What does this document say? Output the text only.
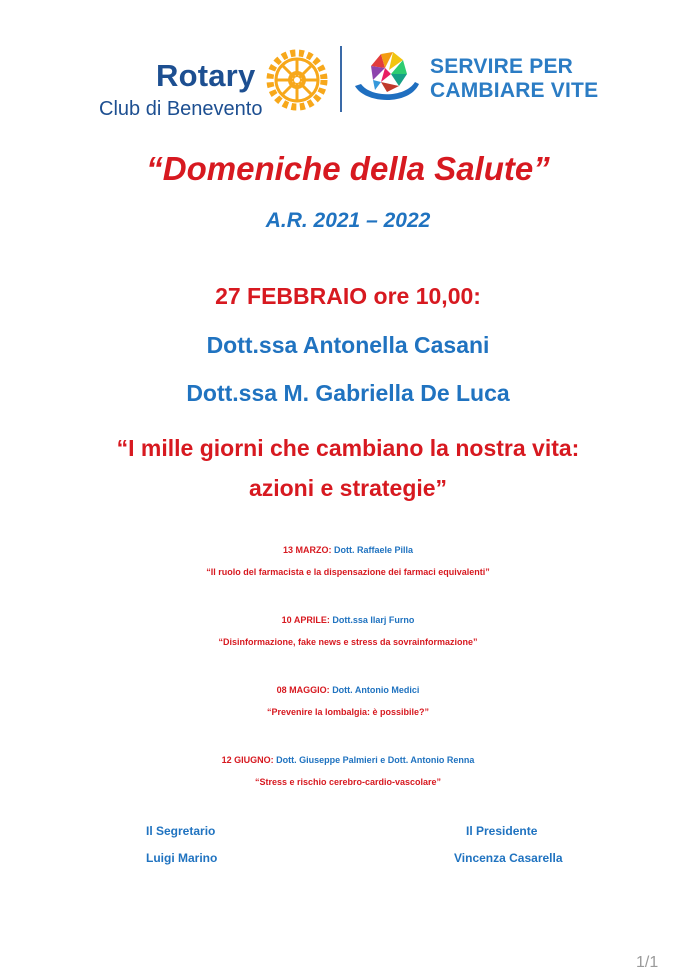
Rotary
Club di Benevento
SERVIRE PER
CAMBIARE VITE
“Domeniche della Salute”
A.R. 2021 – 2022
27 FEBBRAIO ore 10,00:
Dott.ssa Antonella Casani
Dott.ssa M. Gabriella De Luca
“I mille giorni che cambiano la nostra vita:
azioni e strategie”
13 MARZO: Dott. Raffaele Pilla
“Il ruolo del farmacista e la dispensazione dei farmaci equivalenti”
10 APRILE: Dott.ssa Ilarj Furno
“Disinformazione, fake news e stress da sovrainformazione”
08 MAGGIO: Dott. Antonio Medici
“Prevenire la lombalgia: è possibile?”
12 GIUGNO: Dott. Giuseppe Palmieri e Dott. Antonio Renna
“Stress e rischio cerebro-cardio-vascolare”
Il Segretario
Luigi Marino
Il Presidente
Vincenza Casarella
1/1
